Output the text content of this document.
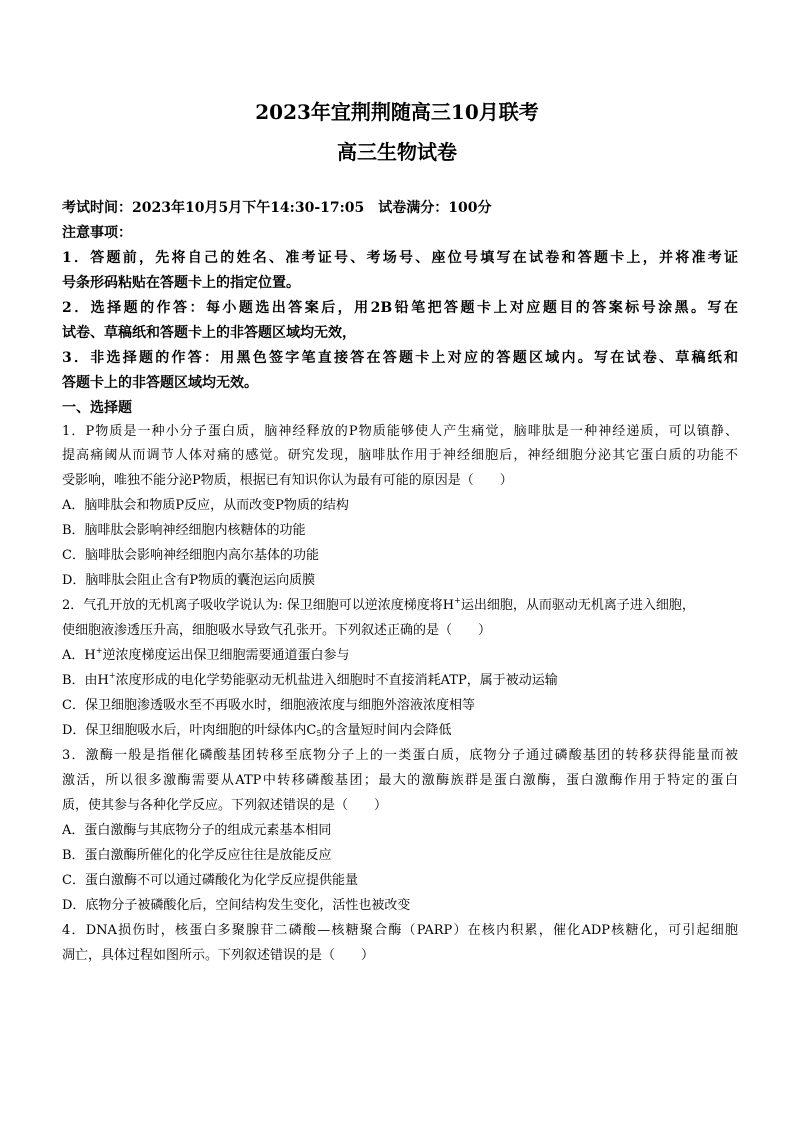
2023年宜荆荆随高三10月联考
高三生物试卷
考试时间：2023年10月5月下午14:30-17:05　试卷满分：100分
注意事项：
1．答题前，先将自己的姓名、准考证号、考场号、座位号填写在试卷和答题卡上，并将准考证
号条形码粘贴在答题卡上的指定位置。
2．选择题的作答：每小题选出答案后，用2B铅笔把答题卡上对应题目的答案标号涂黑。写在
试卷、草稿纸和答题卡上的非答题区域均无效，
3．非选择题的作答：用黑色签字笔直接答在答题卡上对应的答题区域内。写在试卷、草稿纸和
答题卡上的非答题区域均无效。
一、选择题
1．P物质是一种小分子蛋白质，脑神经释放的P物质能够使人产生痛觉，脑啡肽是一种神经递质，可以镇静、
提高痛阈从而调节人体对痛的感觉。研究发现，脑啡肽作用于神经细胞后，神经细胞分泌其它蛋白质的功能不
受影响，唯独不能分泌P物质，根据已有知识你认为最有可能的原因是（　　）
A．脑啡肽会和物质P反应，从而改变P物质的结构
B．脑啡肽会影响神经细胞内核糖体的功能
C．脑啡肽会影响神经细胞内高尔基体的功能
D．脑啡肽会阻止含有P物质的囊泡运向质膜
2．气孔开放的无机离子吸收学说认为: 保卫细胞可以逆浓度梯度将H+运出细胞，从而驱动无机离子进入细胞，
使细胞液渗透压升高，细胞吸水导致气孔张开。下列叙述正确的是（　　）
A．H+逆浓度梯度运出保卫细胞需要通道蛋白参与
B．由H+浓度形成的电化学势能驱动无机盐进入细胞时不直接消耗ATP，属于被动运输
C．保卫细胞渗透吸水至不再吸水时，细胞液浓度与细胞外溶液浓度相等
D．保卫细胞吸水后，叶肉细胞的叶绿体内$C_5$的含量短时间内会降低
3．激酶一般是指催化磷酸基团转移至底物分子上的一类蛋白质，底物分子通过磷酸基团的转移获得能量而被
激活，所以很多激酶需要从ATP中转移磷酸基团；最大的激酶族群是蛋白激酶，蛋白激酶作用于特定的蛋白
质，使其参与各种化学反应。下列叙述错误的是（　　）
A．蛋白激酶与其底物分子的组成元素基本相同
B．蛋白激酶所催化的化学反应往往是放能反应
C．蛋白激酶不可以通过磷酸化为化学反应提供能量
D．底物分子被磷酸化后，空间结构发生变化，活性也被改变
4．DNA损伤时，核蛋白多聚腺苷二磷酸—核糖聚合酶（PARP）在核内积累，催化ADP核糖化，可引起细胞
凋亡，具体过程如图所示。下列叙述错误的是（　　）
